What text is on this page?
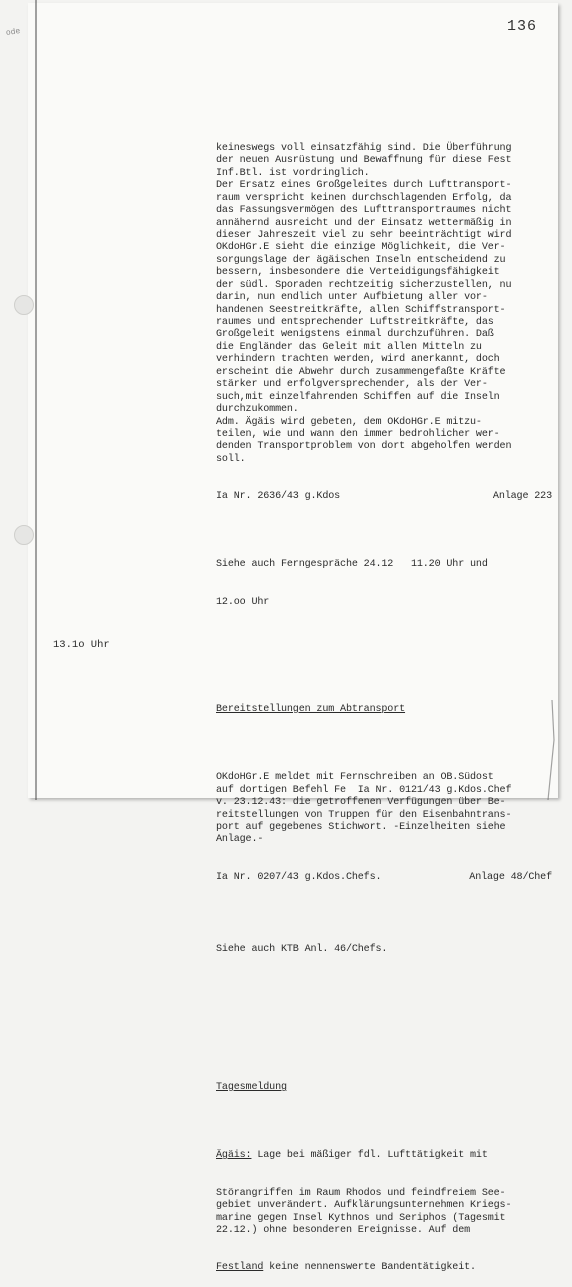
ode	136
13.1o Uhr

keineswegs voll einsatzfähig sind. Die Überführung
der neuen Ausrüstung und Bewaffnung für diese Fest
Inf.Btl. ist vordringlich.
Der Ersatz eines Großgeleites durch Lufttransport-
raum verspricht keinen durchschlagenden Erfolg, da
das Fassungsvermögen des Lufttransportraumes nicht
annähernd ausreicht und der Einsatz wettermäßig in
dieser Jahreszeit viel zu sehr beeinträchtigt wird
OKdoHGr.E sieht die einzige Möglichkeit, die Ver-
sorgungslage der ägäischen Inseln entscheidend zu
bessern, insbesondere die Verteidigungsfähigkeit
der südl. Sporaden rechtzeitig sicherzustellen, nu
darin, nun endlich unter Aufbietung aller vor-
handenen Seestreitkräfte, allen Schiffstransport-
raumes und entsprechender Luftstreitkräfte, das
Großgeleit wenigstens einmal durchzuführen. Daß
die Engländer das Geleit mit allen Mitteln zu
verhindern trachten werden, wird anerkannt, doch
erscheint die Abwehr durch zusammengefaßte Kräfte
stärker und erfolgversprechender, als der Ver-
such,mit einzelfahrenden Schiffen auf die Inseln
durchzukommen.
Adm. Ägäis wird gebeten, dem OKdoHGr.E mitzu-
teilen, wie und wann den immer bedrohlicher wer-
denden Transportproblem von dort abgeholfen werden
soll.

Ia Nr. 2636/43 g.Kdos	Anlage 223

Siehe auch Ferngespräche 24.12   11.20 Uhr und

12.oo Uhr

Bereitstellungen zum Abtransport

OKdoHGr.E meldet mit Fernschreiben an OB.Südost
auf dortigen Befehl Fe  Ia Nr. 0121/43 g.Kdos.Chef
v. 23.12.43: die getroffenen Verfügungen über Be-
reitstellungen von Truppen für den Eisenbahntrans-
port auf gegebenes Stichwort. -Einzelheiten siehe
Anlage.-

Ia Nr. 0207/43 g.Kdos.Chefs.	Anlage 48/Chef

Siehe auch KTB Anl. 46/Chefs.

Tagesmeldung

Ägäis: Lage bei mäßiger fdl. Lufttätigkeit mit

Störangriffen im Raum Rhodos und feindfreiem See-
gebiet unverändert. Aufklärungsunternehmen Kriegs-
marine gegen Insel Kythnos und Seriphos (Tagesmit
22.12.) ohne besonderen Ereignisse. Auf dem

Festland keine nennenswerte Bandentätigkeit.
